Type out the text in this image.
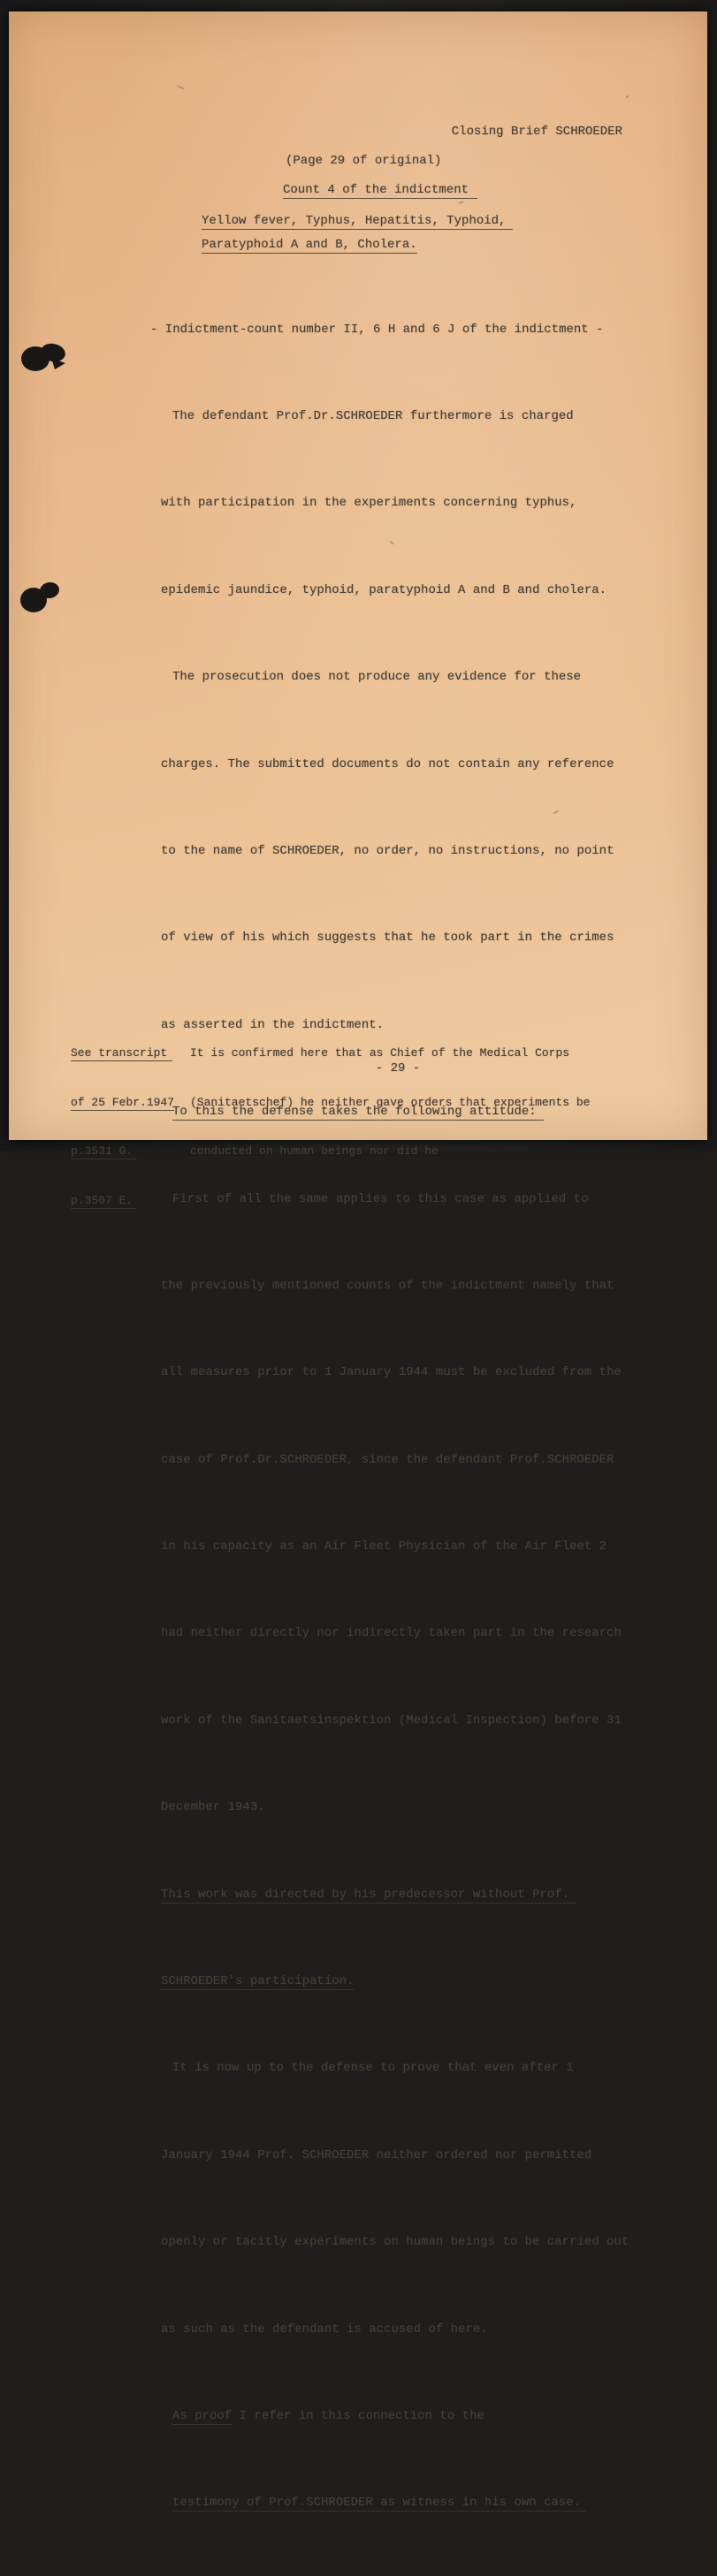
Closing Brief SCHROEDER
(Page 29 of original)
Count 4 of the indictment
Yellow fever, Typhus, Hepatitis, Typhoid,
Paratyphoid A and B, Cholera.

- Indictment-count number II, 6 H and 6 J of the indictment -

The defendant Prof.Dr.SCHROEDER furthermore is charged

with participation in the experiments concerning typhus,

epidemic jaundice, typhoid, paratyphoid A and B and cholera.

The prosecution does not produce any evidence for these

charges. The submitted documents do not contain any reference

to the name of SCHROEDER, no order, no instructions, no point

of view of his which suggests that he took part in the crimes

as asserted in the indictment.

To this the defense takes the following attitude:

First of all the same applies to this case as applied to

the previously mentioned counts of the indictment namely that

all measures prior to 1 January 1944 must be excluded from the

case of Prof.Dr.SCHROEDER, since the defendant Prof.SCHROEDER

in his capacity as an Air Fleet Physician of the Air Fleet 2

had neither directly nor indirectly taken part in the research

work of the Sanitaetsinspektion (Medical Inspection) before 31

December 1943.

This work was directed by his predecessor without Prof.

SCHROEDER's participation.

It is now up to the defense to prove that even after 1

January 1944 Prof. SCHROEDER neither ordered nor permitted

openly or tacitly experiments on human beings to be carried out

as such as the defendant is accused of here.

As proof I refer in this connection to the

testimony of Prof.SCHROEDER as witness in his own case.

See transcript

of 25 Febr.1947

p.3531 G.

p.3507 E.

It is confirmed here that as Chief of the Medical Corps

(Sanitaetschef) he neither gave orders that experiments be

conducted on human beings nor did he

- 29 -
